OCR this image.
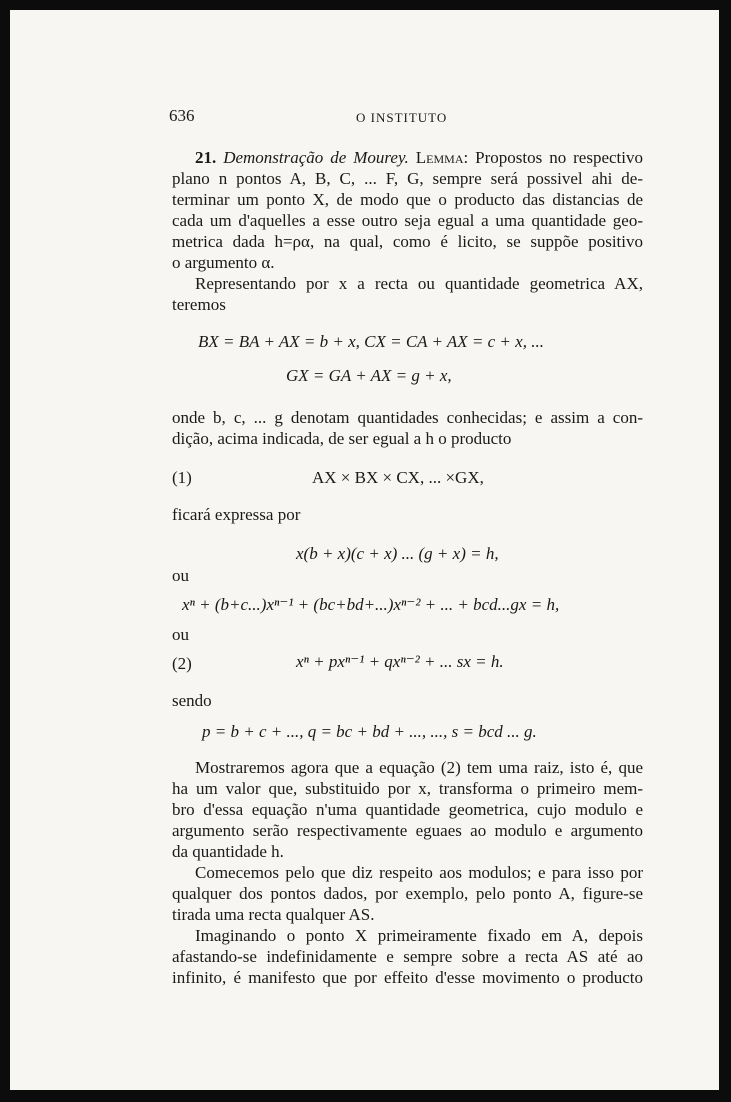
636	O INSTITUTO
21. Demonstração de Mourey. Lemma: Propostos no respectivo
plano n pontos A, B, C, ... F, G, sempre será possivel ahi de-
terminar um ponto X, de modo que o producto das distancias de
cada um d'aquelles a esse outro seja egual a uma quantidade geo-
metrica dada h=ρα, na qual, como é licito, se suppõe positivo
o argumento α.
Representando por x a recta ou quantidade geometrica AX,
teremos
BX = BA + AX = b + x, CX = CA + AX = c + x, ...
GX = GA + AX = g + x,
onde b, c, ... g denotam quantidades conhecidas; e assim a con-
dição, acima indicada, de ser egual a h o producto
(1)	AX × BX × CX, ... ×GX,
ficará expressa por
x(b + x)(c + x) ... (g + x) = h,
ou
xⁿ + (b+c...)xⁿ⁻¹ + (bc+bd+...)xⁿ⁻² + ... + bcd...gx = h,
ou
(2)	xⁿ + pxⁿ⁻¹ + qxⁿ⁻² + ... sx = h.
sendo
p = b + c + ..., q = bc + bd + ..., ..., s = bcd ... g.
Mostraremos agora que a equação (2) tem uma raiz, isto é, que
ha um valor que, substituido por x, transforma o primeiro mem-
bro d'essa equação n'uma quantidade geometrica, cujo modulo e
argumento serão respectivamente eguaes ao modulo e argumento
da quantidade h.
Comecemos pelo que diz respeito aos modulos; e para isso por
qualquer dos pontos dados, por exemplo, pelo ponto A, figure-se
tirada uma recta qualquer AS.
Imaginando o ponto X primeiramente fixado em A, depois
afastando-se indefinidamente e sempre sobre a recta AS até ao
infinito, é manifesto que por effeito d'esse movimento o producto
